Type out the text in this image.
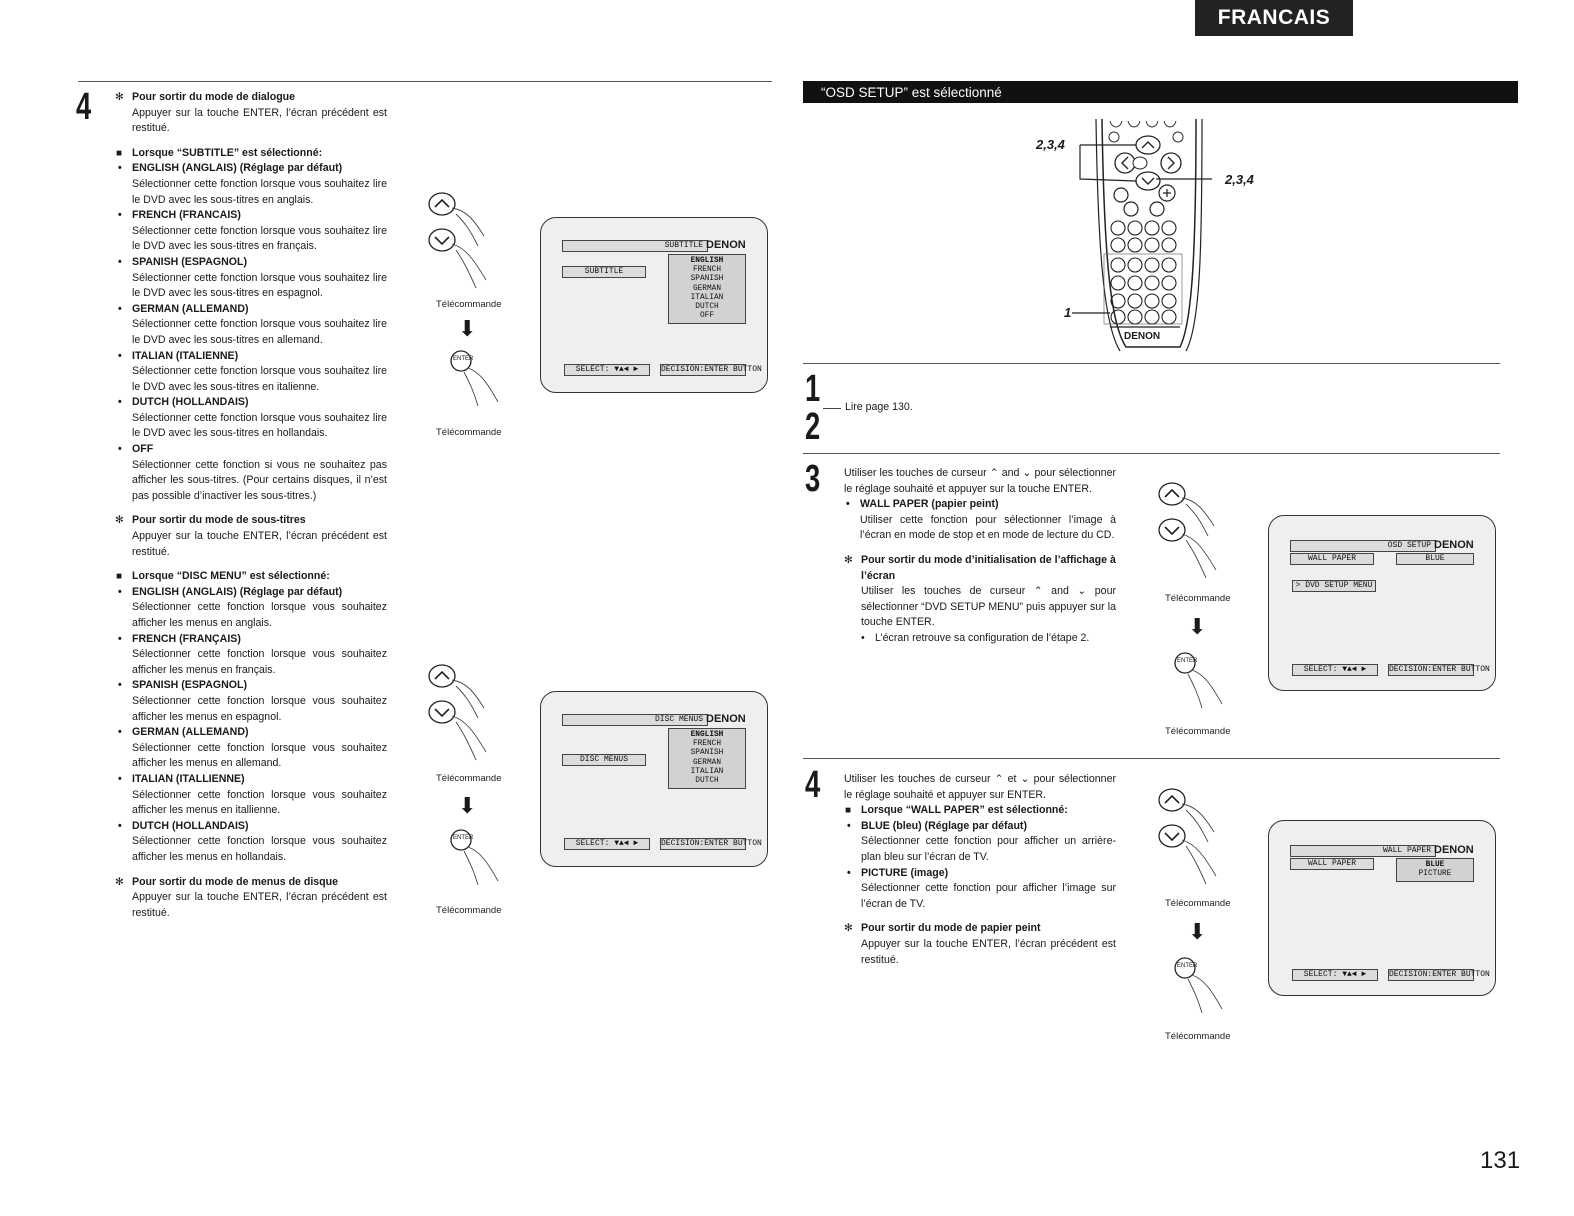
FRANCAIS
4
✻	Pour sortir du mode de dialogue
Appuyer sur la touche ENTER, l’écran précédent est restitué.
■ Lorsque “SUBTITLE” est sélectionné:
• ENGLISH (ANGLAIS) (Réglage par défaut)
Sélectionner cette fonction lorsque vous souhaitez lire le DVD avec les sous-titres en anglais.
• FRENCH (FRANCAIS)
Sélectionner cette fonction lorsque vous souhaitez lire le DVD avec les sous-titres en français.
• SPANISH (ESPAGNOL)
Sélectionner cette fonction lorsque vous souhaitez lire le DVD avec les sous-titres en espagnol.
• GERMAN (ALLEMAND)
Sélectionner cette fonction lorsque vous souhaitez lire le DVD avec les sous-titres en allemand.
• ITALIAN (ITALIENNE)
Sélectionner cette fonction lorsque vous souhaitez lire le DVD avec les sous-titres en italienne.
• DUTCH (HOLLANDAIS)
Sélectionner cette fonction lorsque vous souhaitez lire le DVD avec les sous-titres en hollandais.
• OFF
Sélectionner cette fonction si vous ne souhaitez pas afficher les sous-titres. (Pour certains disques, il n’est pas possible d’inactiver les sous-titres.)
✻ Pour sortir du mode de sous-titres
Appuyer sur la touche ENTER, l’écran précédent est restitué.
■ Lorsque “DISC MENU” est sélectionné:
• ENGLISH (ANGLAIS) (Réglage par défaut)
Sélectionner cette fonction lorsque vous souhaitez afficher les menus en anglais.
• FRENCH (FRANÇAIS)
Sélectionner cette fonction lorsque vous souhaitez afficher les menus en français.
• SPANISH (ESPAGNOL)
Sélectionner cette fonction lorsque vous souhaitez afficher les menus en espagnol.
• GERMAN (ALLEMAND)
Sélectionner cette fonction lorsque vous souhaitez afficher les menus en allemand.
• ITALIAN (ITALLIENNE)
Sélectionner cette fonction lorsque vous souhaitez afficher les menus en itallienne.
• DUTCH (HOLLANDAIS)
Sélectionner cette fonction lorsque vous souhaitez afficher les menus en hollandais.
✻ Pour sortir du mode de menus de disque
Appuyer sur la touche ENTER, l’écran précédent est restitué.
Télécommande
⬇
ENTER
Télécommande
SUBTITLE DENON
SUBTITLE
ENGLISH
FRENCH
SPANISH
GERMAN
ITALIAN
DUTCH
OFF
SELECT: ▼▲◄ ►	DECISION:ENTER BUTTON
Télécommande
⬇
ENTER
Télécommande
DISC MENUS DENON
DISC MENUS
ENGLISH
FRENCH
SPANISH
GERMAN
ITALIAN
DUTCH
SELECT: ▼▲◄ ►	DECISION:ENTER BUTTON
“OSD SETUP” est sélectionné
2,3,4
2,3,4
1
DENON
1
2 Lire page 130.
3 Utiliser les touches de curseur ⌃ and ⌄ pour sélectionner le réglage souhaité et appuyer sur la touche ENTER.
• WALL PAPER (papier peint)
Utiliser cette fonction pour sélectionner l’image à l’écran en mode de stop et en mode de lecture du CD.
✻ Pour sortir du mode d’initialisation de l’affichage à l’écran
Utiliser les touches de curseur ⌃ and ⌄ pour sélectionner “DVD SETUP MENU” puis appuyer sur la touche ENTER.
• L’écran retrouve sa configuration de l’étape 2.
Télécommande
⬇
ENTER
Télécommande
OSD SETUP DENON
WALL PAPER	BLUE
> DVD SETUP MENU
SELECT: ▼▲◄ ►	DECISION:ENTER BUTTON
4 Utiliser les touches de curseur ⌃ et ⌄ pour sélectionner le réglage souhaité et appuyer sur ENTER.
■ Lorsque “WALL PAPER” est sélectionné:
• BLUE (bleu) (Réglage par défaut)
Sélectionner cette fonction pour afficher un arrière-plan bleu sur l’écran de TV.
• PICTURE (image)
Sélectionner cette fonction pour afficher l’image sur l’écran de TV.
✻ Pour sortir du mode de papier peint
Appuyer sur la touche ENTER, l’écran précédent est restitué.
Télécommande
⬇
ENTER
Télécommande
WALL PAPER DENON
WALL PAPER	BLUE
PICTURE
SELECT: ▼▲◄ ►	DECISION:ENTER BUTTON
131
